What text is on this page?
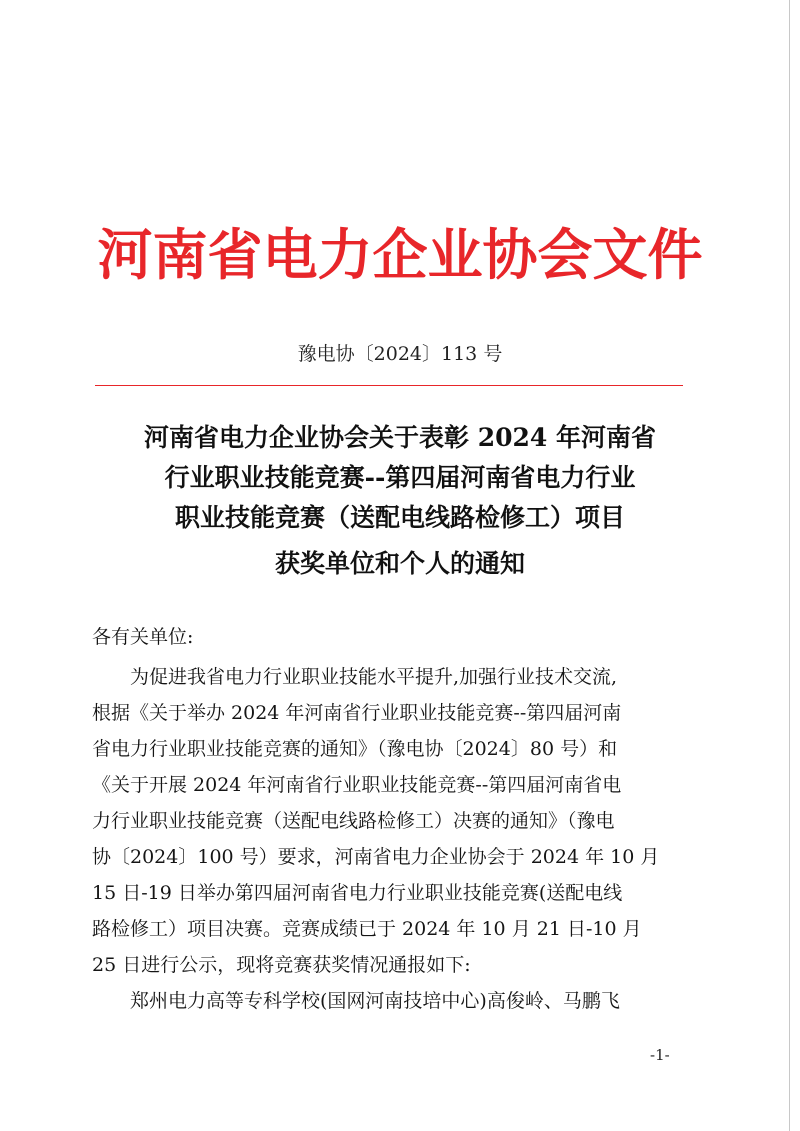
河南省电力企业协会文件
豫电协〔2024〕113 号
河南省电力企业协会关于表彰 2024 年河南省
行业职业技能竞赛--第四届河南省电力行业
职业技能竞赛（送配电线路检修工）项目
获奖单位和个人的通知
各有关单位:
为促进我省电力行业职业技能水平提升,加强行业技术交流,
根据《关于举办 2024 年河南省行业职业技能竞赛--第四届河南
省电力行业职业技能竞赛的通知》（豫电协〔2024〕80 号）和
《关于开展 2024 年河南省行业职业技能竞赛--第四届河南省电
力行业职业技能竞赛（送配电线路检修工）决赛的通知》（豫电
协〔2024〕100 号）要求，河南省电力企业协会于 2024 年 10 月
15 日-19 日举办第四届河南省电力行业职业技能竞赛(送配电线
路检修工）项目决赛。竞赛成绩已于 2024 年 10 月 21 日-10 月
25 日进行公示，现将竞赛获奖情况通报如下:
郑州电力高等专科学校(国网河南技培中心)高俊岭、马鹏飞
-1-
